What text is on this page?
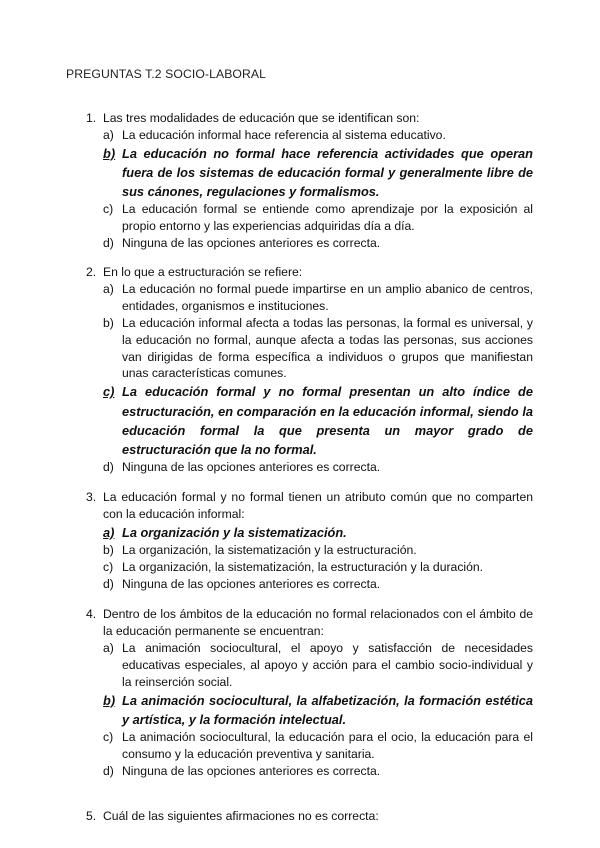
PREGUNTAS T.2 SOCIO-LABORAL
1. Las tres modalidades de educación que se identifican son:
a) La educación informal hace referencia al sistema educativo.
b) La educación no formal hace referencia actividades que operan fuera de los sistemas de educación formal y generalmente libre de sus cánones, regulaciones y formalismos.
c) La educación formal se entiende como aprendizaje por la exposición al propio entorno y las experiencias adquiridas día a día.
d) Ninguna de las opciones anteriores es correcta.
2. En lo que a estructuración se refiere:
a) La educación no formal puede impartirse en un amplio abanico de centros, entidades, organismos e instituciones.
b) La educación informal afecta a todas las personas, la formal es universal, y la educación no formal, aunque afecta a todas las personas, sus acciones van dirigidas de forma específica a individuos o grupos que manifiestan unas características comunes.
c) La educación formal y no formal presentan un alto índice de estructuración, en comparación en la educación informal, siendo la educación formal la que presenta un mayor grado de estructuración que la no formal.
d) Ninguna de las opciones anteriores es correcta.
3. La educación formal y no formal tienen un atributo común que no comparten con la educación informal:
a) La organización y la sistematización.
b) La organización, la sistematización y la estructuración.
c) La organización, la sistematización, la estructuración y la duración.
d) Ninguna de las opciones anteriores es correcta.
4. Dentro de los ámbitos de la educación no formal relacionados con el ámbito de la educación permanente se encuentran:
a) La animación sociocultural, el apoyo y satisfacción de necesidades educativas especiales, al apoyo y acción para el cambio socio-individual y la reinserción social.
b) La animación sociocultural, la alfabetización, la formación estética y artística, y la formación intelectual.
c) La animación sociocultural, la educación para el ocio, la educación para el consumo y la educación preventiva y sanitaria.
d) Ninguna de las opciones anteriores es correcta.
5. Cuál de las siguientes afirmaciones no es correcta:
